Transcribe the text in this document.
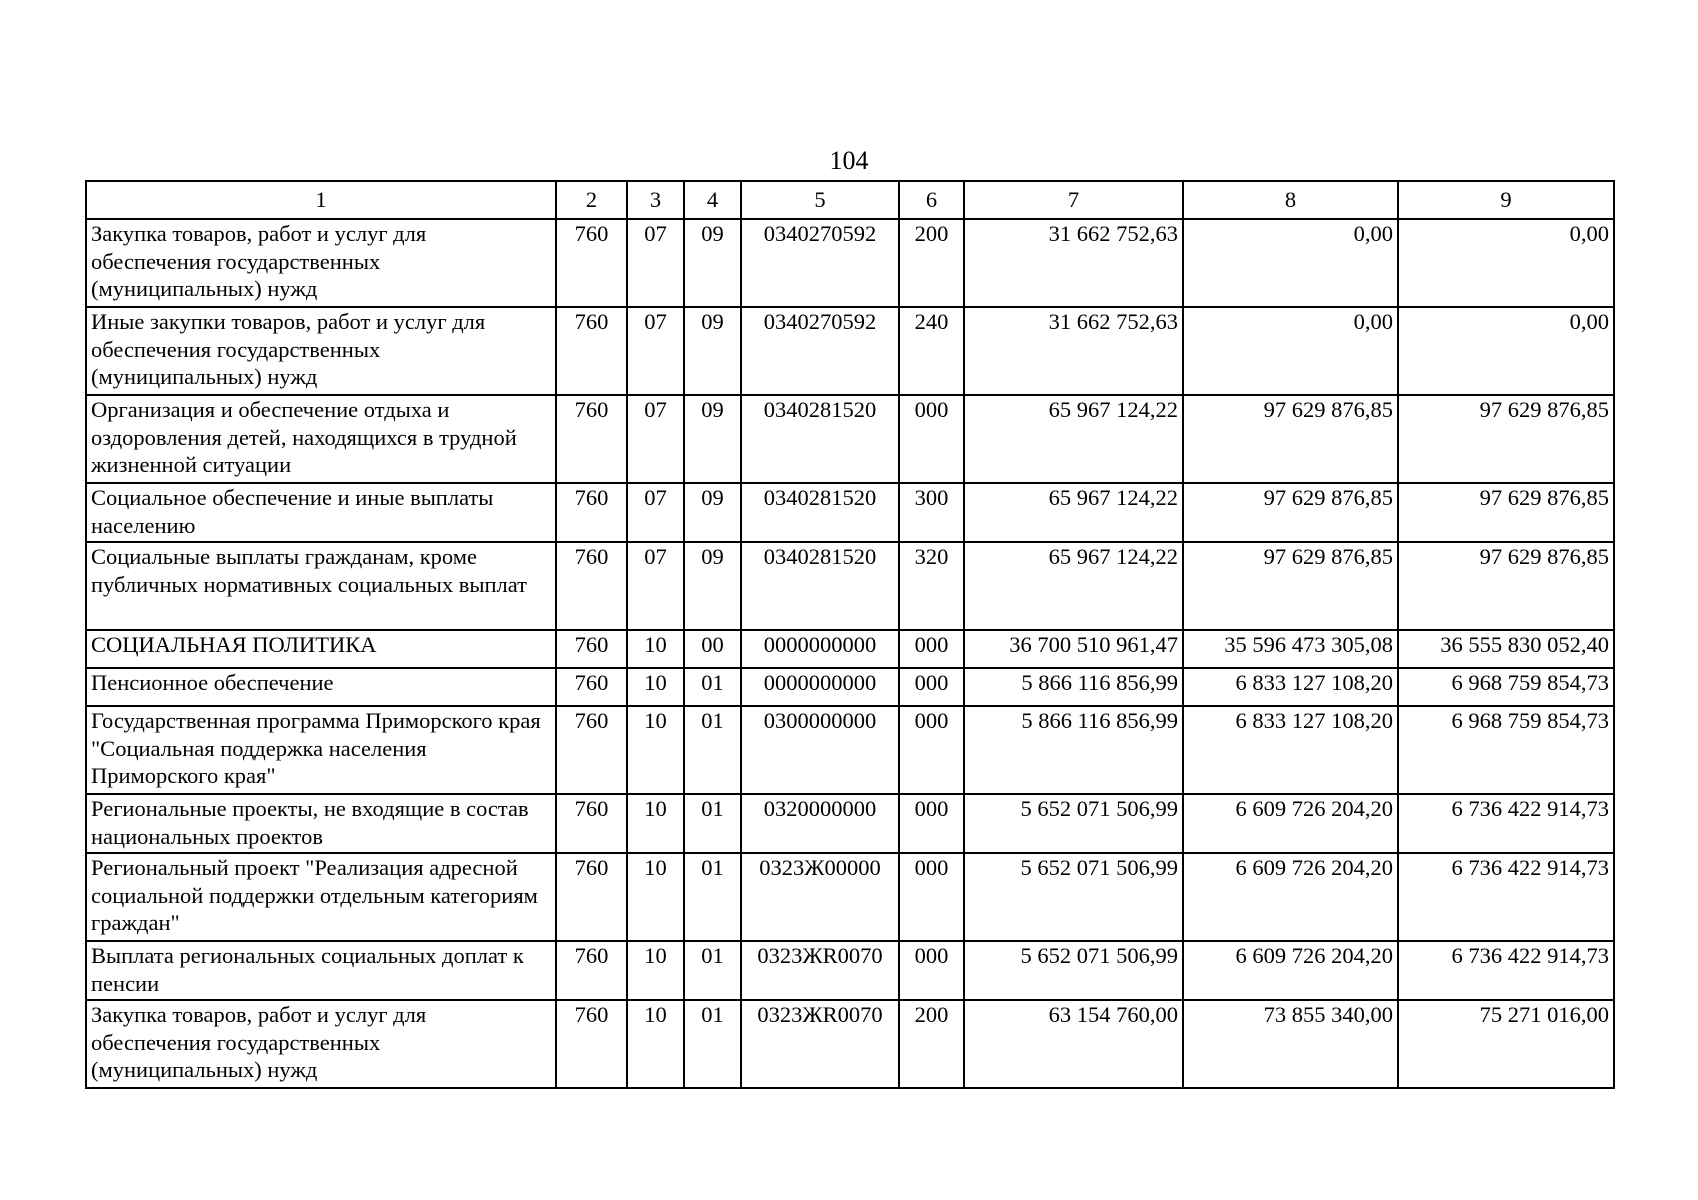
104
1	2	3	4	5	6	7	8	9
Закупка товаров, работ и услуг для обеспечения государственных (муниципальных) нужд	760	07	09	0340270592	200	31 662 752,63	0,00	0,00
Иные закупки товаров, работ и услуг для обеспечения государственных (муниципальных) нужд	760	07	09	0340270592	240	31 662 752,63	0,00	0,00
Организация и обеспечение отдыха и оздоровления детей, находящихся в трудной жизненной ситуации	760	07	09	0340281520	000	65 967 124,22	97 629 876,85	97 629 876,85
Социальное обеспечение и иные выплаты населению	760	07	09	0340281520	300	65 967 124,22	97 629 876,85	97 629 876,85
Социальные выплаты гражданам, кроме публичных нормативных социальных выплат	760	07	09	0340281520	320	65 967 124,22	97 629 876,85	97 629 876,85
СОЦИАЛЬНАЯ ПОЛИТИКА	760	10	00	0000000000	000	36 700 510 961,47	35 596 473 305,08	36 555 830 052,40
Пенсионное обеспечение	760	10	01	0000000000	000	5 866 116 856,99	6 833 127 108,20	6 968 759 854,73
Государственная программа Приморского края "Социальная поддержка населения Приморского края"	760	10	01	0300000000	000	5 866 116 856,99	6 833 127 108,20	6 968 759 854,73
Региональные проекты, не входящие в состав национальных проектов	760	10	01	0320000000	000	5 652 071 506,99	6 609 726 204,20	6 736 422 914,73
Региональный проект "Реализация адресной социальной поддержки отдельным категориям граждан"	760	10	01	0323Ж00000	000	5 652 071 506,99	6 609 726 204,20	6 736 422 914,73
Выплата региональных социальных доплат к пенсии	760	10	01	0323ЖR0070	000	5 652 071 506,99	6 609 726 204,20	6 736 422 914,73
Закупка товаров, работ и услуг для обеспечения государственных (муниципальных) нужд	760	10	01	0323ЖR0070	200	63 154 760,00	73 855 340,00	75 271 016,00
